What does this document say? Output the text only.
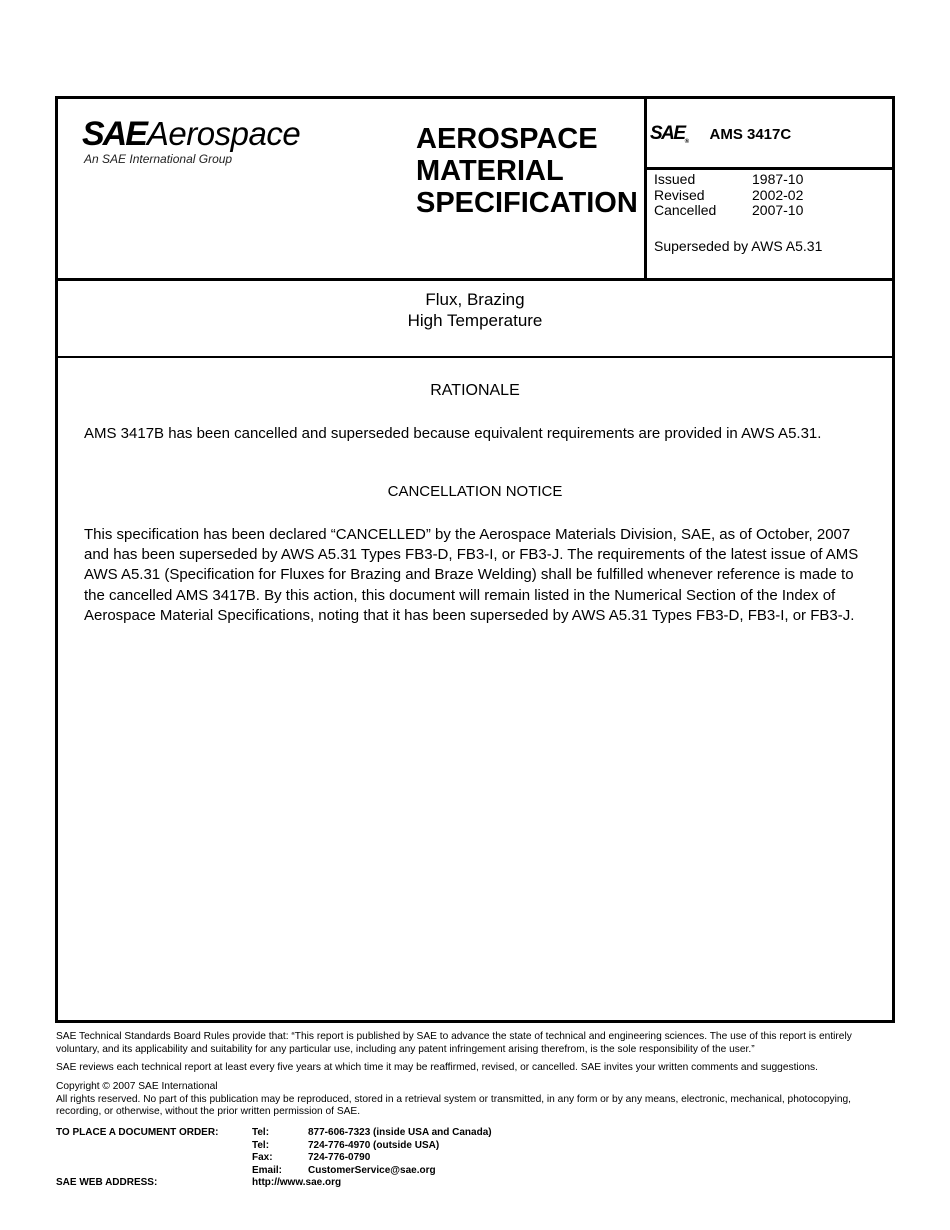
SAE Aerospace
An SAE International Group
AEROSPACE
MATERIAL
SPECIFICATION
SAE® AMS 3417C
Issued	1987-10
Revised	2002-02
Cancelled	2007-10
Superseded by AWS A5.31
Flux, Brazing
High Temperature
RATIONALE
AMS 3417B has been cancelled and superseded because equivalent requirements are provided in AWS A5.31.
CANCELLATION NOTICE
This specification has been declared “CANCELLED” by the Aerospace Materials Division, SAE, as of October, 2007 and has been superseded by AWS A5.31 Types FB3-D, FB3-I, or FB3-J. The requirements of the latest issue of AMS AWS A5.31 (Specification for Fluxes for Brazing and Braze Welding) shall be fulfilled whenever reference is made to the cancelled AMS 3417B. By this action, this document will remain listed in the Numerical Section of the Index of Aerospace Material Specifications, noting that it has been superseded by AWS A5.31 Types FB3-D, FB3-I, or FB3-J.
SAE Technical Standards Board Rules provide that: “This report is published by SAE to advance the state of technical and engineering sciences. The use of this report is entirely voluntary, and its applicability and suitability for any particular use, including any patent infringement arising therefrom, is the sole responsibility of the user.”
SAE reviews each technical report at least every five years at which time it may be reaffirmed, revised, or cancelled. SAE invites your written comments and suggestions.
Copyright © 2007 SAE International
All rights reserved. No part of this publication may be reproduced, stored in a retrieval system or transmitted, in any form or by any means, electronic, mechanical, photocopying, recording, or otherwise, without the prior written permission of SAE.
TO PLACE A DOCUMENT ORDER:	Tel:	877-606-7323 (inside USA and Canada)
	Tel:	724-776-4970 (outside USA)
	Fax:	724-776-0790
	Email:	CustomerService@sae.org
SAE WEB ADDRESS:	http://www.sae.org	
